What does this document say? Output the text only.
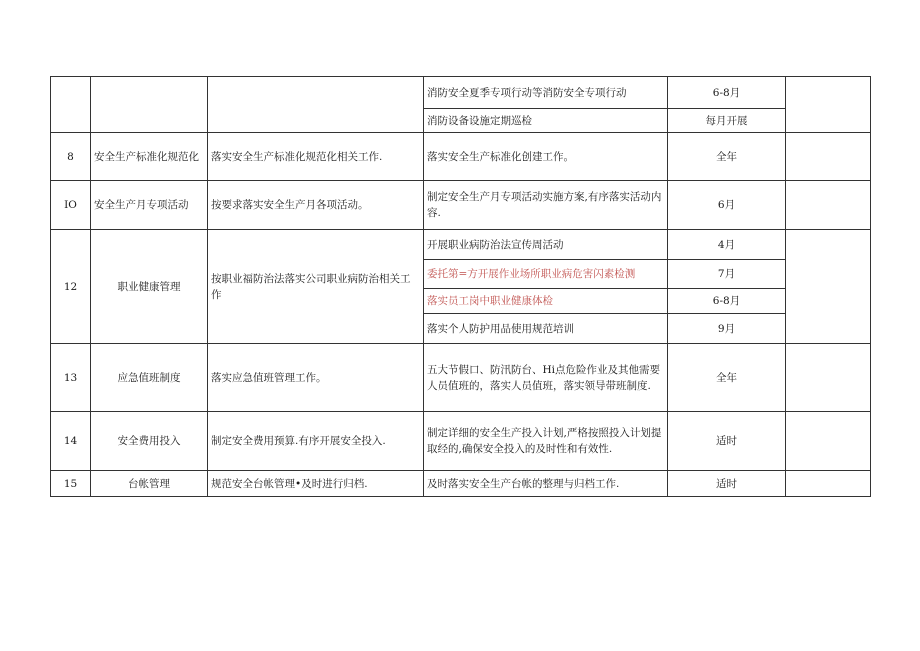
			消防安全夏季专项行动等消防安全专项行动	6-8月	
			消防设备设施定期巡检	每月开展	
8	安全生产标准化规范化	落实安全生产标准化规范化相关工作.	落实安全生产标准化创建工作。	全年	
IO	安全生产月专项活动	按要求落实安全生产月各项活动。	制定安全生产月专项活动实施方案,有序落实活动内容.	6月	
12	职业健康管理	按职业福防治法落实公司职业病防治相关工作	开展职业病防治法宣传周活动	4月	
			委托第=方开展作业场所职业病危害闪素检测	7月	
			落实员工岗中职业健康体检	6-8月	
			落实个人防护用品使用规范培训	9月	
13	应急值班制度	落实应急值班管理工作。	五大节假口、防汛防台、Hi点危险作业及其他需要人员值班的，落实人员值班，落实领导带班制度.	全年	
14	安全费用投入	制定安全费用预算.有序开展安全投入.	制定详细的安全生产投入计划,严格按照投入计划提取经的,确保安全投入的及时性和有效性.	适时	
15	台帐管理	规范安全台帐管理•及时进行归档.	及时落实安全生产台帐的整理与归档工作.	适时	
